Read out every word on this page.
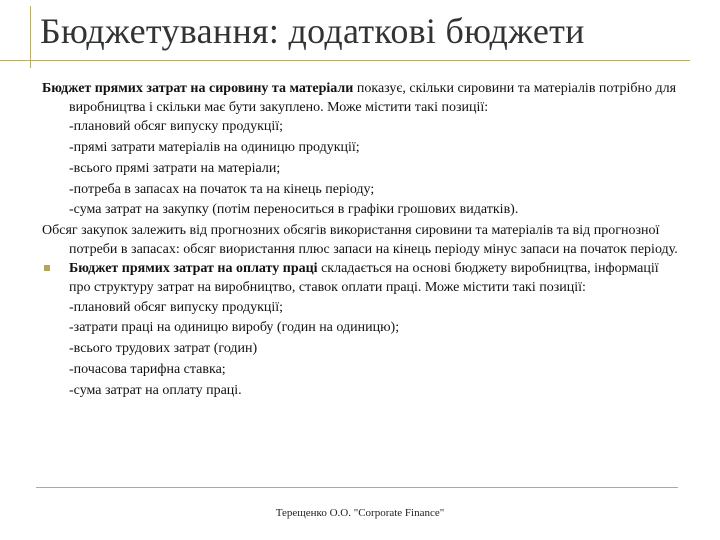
Бюджетування: додаткові бюджети

Бюджет прямих затрат на сировину та матеріали показує, скільки сировини та матеріалів потрібно для виробництва і скільки має бути закуплено. Може містити такі позиції:

-плановий обсяг випуску продукції;

-прямі затрати матеріалів на одиницю продукції;

-всього прямі затрати на матеріали;

-потреба в запасах на початок та на кінець періоду;

-сума затрат на закупку (потім переноситься в графіки грошових видатків).

Обсяг закупок залежить від прогнозних обсягів використання сировини та матеріалів та від прогнозної потреби в запасах: обсяг виористання плюс запаси на кінець періоду мінус запаси на початок періоду.

Бюджет прямих затрат на оплату праці складається на основі бюджету виробництва, інформації про структуру затрат на виробництво, ставок оплати праці. Може містити такі позиції:

-плановий обсяг випуску продукції;

-затрати праці на одиницю виробу (годин на одиницю);

-всього трудових затрат (годин)

-почасова тарифна ставка;

-сума затрат на оплату праці.

Терещенко О.О. "Corporate Finance"
